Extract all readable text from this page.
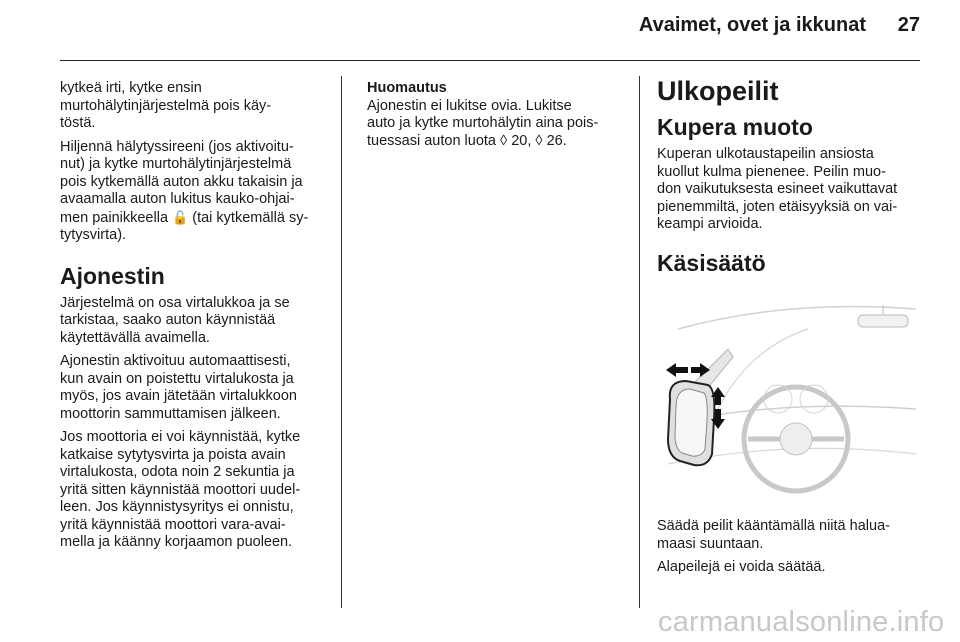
Avaimet, ovet ja ikkunat	27

kytkeä irti, kytke ensin
murtohälytinjärjestelmä pois käy-
töstä.

Hiljennä hälytyssireeni (jos aktivoitu-
nut) ja kytke murtohälytinjärjestelmä
pois kytkemällä auton akku takaisin ja
avaamalla auton lukitus kauko-ohjai-
men painikkeella 🔓 (tai kytkemällä sy-
tytysvirta).

Ajonestin

Järjestelmä on osa virtalukkoa ja se
tarkistaa, saako auton käynnistää
käytettävällä avaimella.

Ajonestin aktivoituu automaattisesti,
kun avain on poistettu virtalukosta ja
myös, jos avain jätetään virtalukkoon
moottorin sammuttamisen jälkeen.

Jos moottoria ei voi käynnistää, kytke
katkaise sytytysvirta ja poista avain
virtalukosta, odota noin 2 sekuntia ja
yritä sitten käynnistää moottori uudel-
leen. Jos käynnistysyritys ei onnistu,
yritä käynnistää moottori vara-avai-
mella ja käänny korjaamon puoleen.

Huomautus

Ajonestin ei lukitse ovia. Lukitse
auto ja kytke murtohälytin aina pois-
tuessasi auton luota ◊ 20, ◊ 26.

Ulkopeilit
Kupera muoto

Kuperan ulkotaustapeilin ansiosta
kuollut kulma pienenee. Peilin muo-
don vaikutuksesta esineet vaikuttavat
pienemmiltä, joten etäisyyksiä on vai-
keampi arvioida.

Käsisäätö

Säädä peilit kääntämällä niitä halua-
maasi suuntaan.

Alapeilejä ei voida säätää.

carmanualsonline.info
